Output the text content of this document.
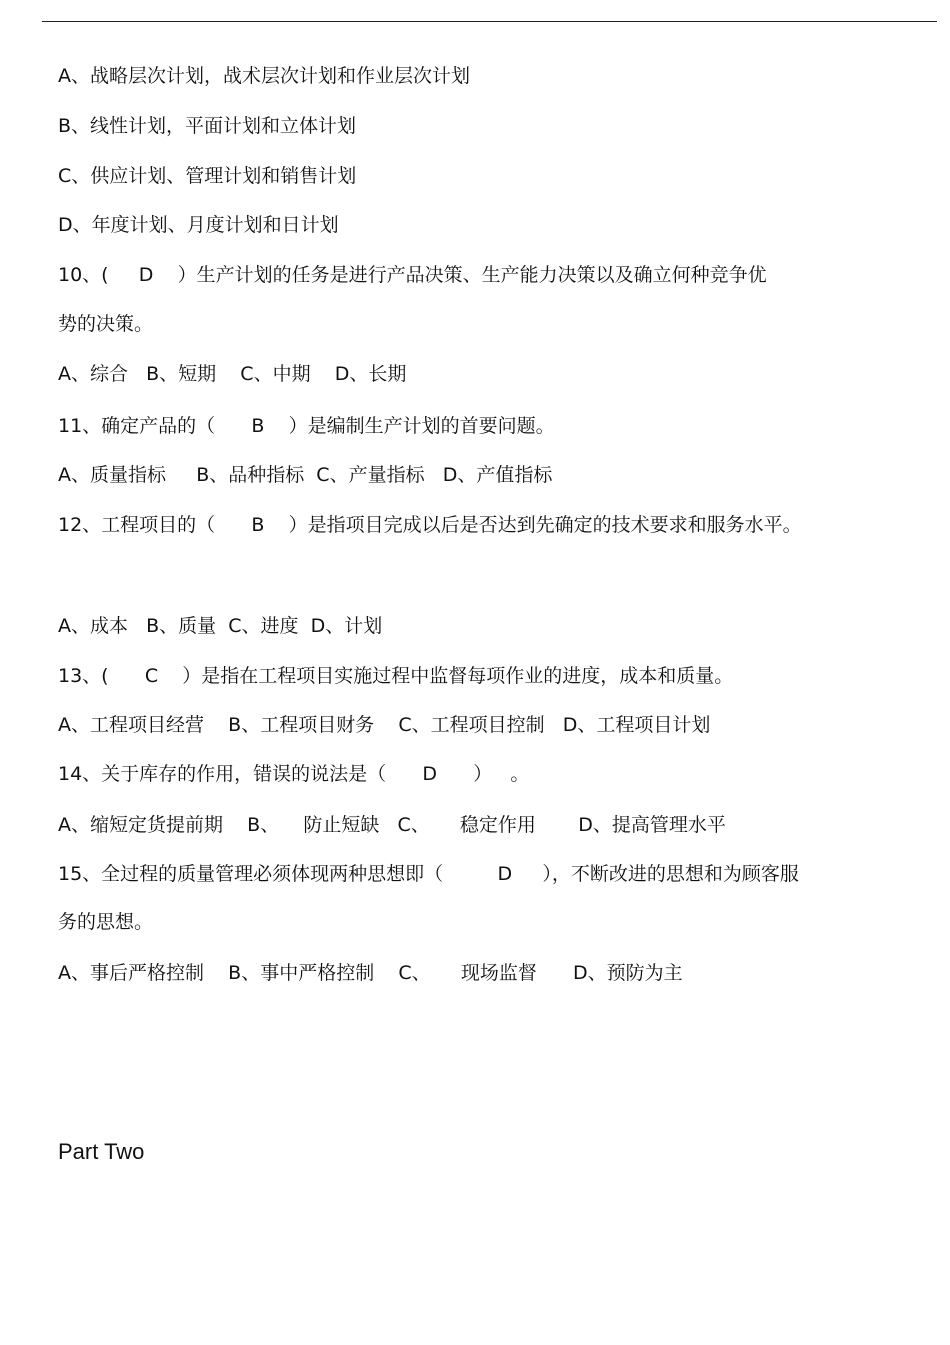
A、战略层次计划，战术层次计划和作业层次计划
B、线性计划，平面计划和立体计划
C、供应计划、管理计划和销售计划
D、年度计划、月度计划和日计划
10、(     D    ）生产计划的任务是进行产品决策、生产能力决策以及确立何种竞争优
势的决策。
A、综合   B、短期    C、中期    D、长期
11、确定产品的（      B    ）是编制生产计划的首要问题。
A、质量指标     B、品种指标  C、产量指标   D、产值指标
12、工程项目的（      B    ）是指项目完成以后是否达到先确定的技术要求和服务水平。
A、成本   B、质量  C、进度  D、计划
13、(      C    ）是指在工程项目实施过程中监督每项作业的进度，成本和质量。
A、工程项目经营    B、工程项目财务    C、工程项目控制   D、工程项目计划
14、关于库存的作用，错误的说法是（      D      ）   。
A、缩短定货提前期    B、    防止短缺   C、     稳定作用       D、提高管理水平
15、全过程的质量管理必须体现两种思想即（         D     ），不断改进的思想和为顾客服
务的思想。
A、事后严格控制    B、事中严格控制    C、     现场监督      D、预防为主
Part Two
